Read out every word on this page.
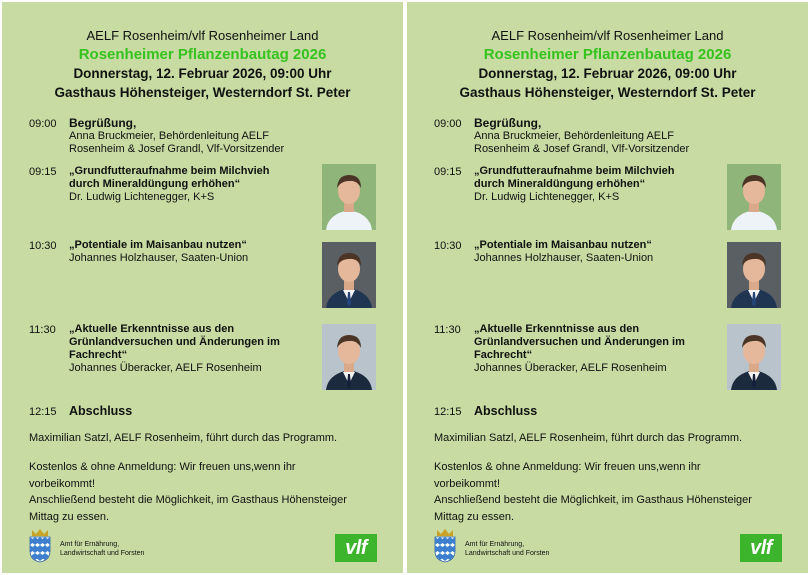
AELF Rosenheim/vlf Rosenheimer Land
Rosenheimer Pflanzenbautag 2026
Donnerstag, 12. Februar 2026, 09:00 Uhr
Gasthaus Höhensteiger, Westerndorf St. Peter
09:00 Begrüßung,
Anna Bruckmeier, Behördenleitung AELF
Rosenheim & Josef Grandl, Vlf-Vorsitzender
09:15 „Grundfutteraufnahme beim Milchvieh
durch Mineraldüngung erhöhen“
Dr. Ludwig Lichtenegger, K+S
10:30 „Potentiale im Maisanbau nutzen“
Johannes Holzhauser, Saaten-Union
11:30 „Aktuelle Erkenntnisse aus den
Grünlandversuchen und Änderungen im
Fachrecht“
Johannes Überacker, AELF Rosenheim
12:15 Abschluss
Maximilian Satzl, AELF Rosenheim, führt durch das Programm.
Kostenlos & ohne Anmeldung: Wir freuen uns,wenn ihr
vorbeikommt!
Anschließend besteht die Möglichkeit, im Gasthaus Höhensteiger
Mittag zu essen.
Amt für Ernährung,
Landwirtschaft und Forsten	vlf
AELF Rosenheim/vlf Rosenheimer Land
Rosenheimer Pflanzenbautag 2026
Donnerstag, 12. Februar 2026, 09:00 Uhr
Gasthaus Höhensteiger, Westerndorf St. Peter
09:00 Begrüßung,
Anna Bruckmeier, Behördenleitung AELF
Rosenheim & Josef Grandl, Vlf-Vorsitzender
09:15 „Grundfutteraufnahme beim Milchvieh
durch Mineraldüngung erhöhen“
Dr. Ludwig Lichtenegger, K+S
10:30 „Potentiale im Maisanbau nutzen“
Johannes Holzhauser, Saaten-Union
11:30 „Aktuelle Erkenntnisse aus den
Grünlandversuchen und Änderungen im
Fachrecht“
Johannes Überacker, AELF Rosenheim
12:15 Abschluss
Maximilian Satzl, AELF Rosenheim, führt durch das Programm.
Kostenlos & ohne Anmeldung: Wir freuen uns,wenn ihr
vorbeikommt!
Anschließend besteht die Möglichkeit, im Gasthaus Höhensteiger
Mittag zu essen.
Amt für Ernährung,
Landwirtschaft und Forsten	vlf
